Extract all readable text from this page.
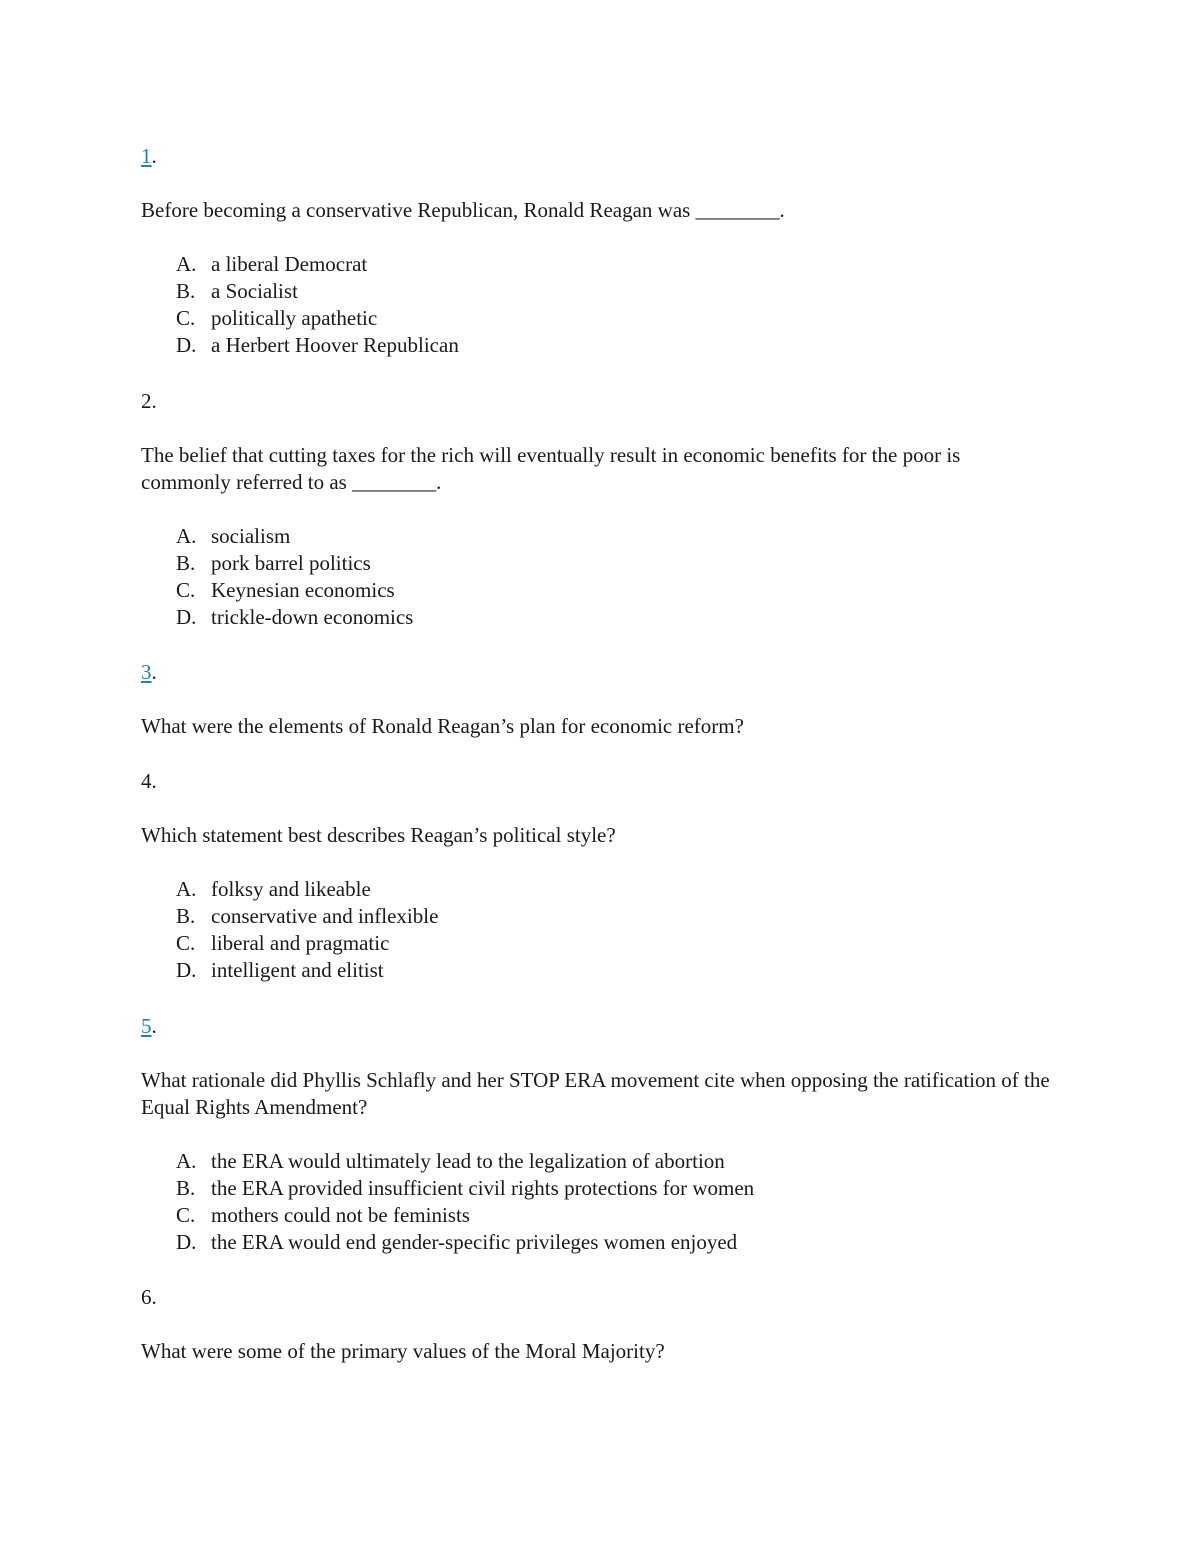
1.

Before becoming a conservative Republican, Ronald Reagan was ________.

A. a liberal Democrat
B. a Socialist
C. politically apathetic
D. a Herbert Hoover Republican
2.

The belief that cutting taxes for the rich will eventually result in economic benefits for the poor is commonly referred to as ________.

A. socialism
B. pork barrel politics
C. Keynesian economics
D. trickle-down economics
3.

What were the elements of Ronald Reagan’s plan for economic reform?

4.

Which statement best describes Reagan’s political style?

A. folksy and likeable
B. conservative and inflexible
C. liberal and pragmatic
D. intelligent and elitist
5.

What rationale did Phyllis Schlafly and her STOP ERA movement cite when opposing the ratification of the Equal Rights Amendment?

A. the ERA would ultimately lead to the legalization of abortion
B. the ERA provided insufficient civil rights protections for women
C. mothers could not be feminists
D. the ERA would end gender-specific privileges women enjoyed
6.

What were some of the primary values of the Moral Majority?
